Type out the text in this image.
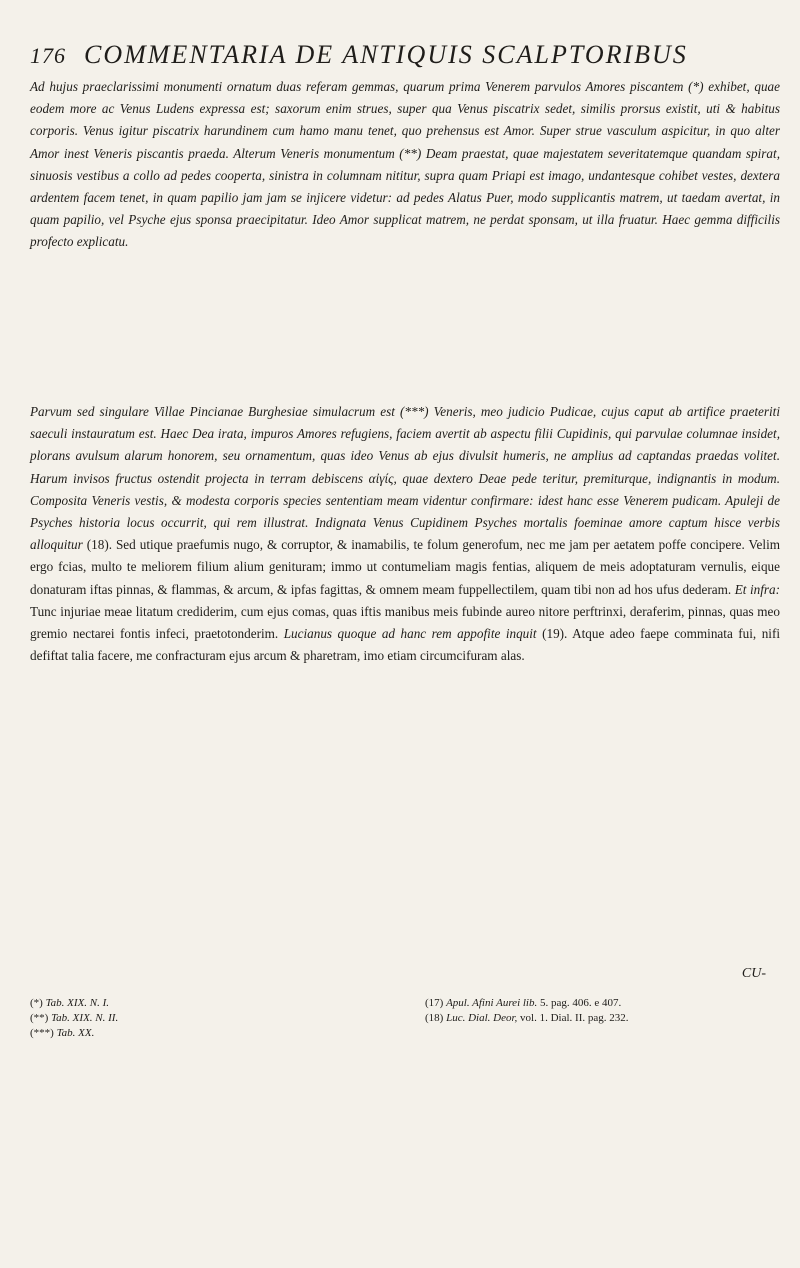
176 COMMENTARIA DE ANTIQUIS SCALPTORIBUS
Ad hujus praeclarissimi monumenti ornatum duas referam gemmas, quarum prima Venerem parvulos Amores piscantem (*) exhibet, quae eodem more ac Venus Ludens expressa est; saxorum enim strues, super qua Venus piscatrix sedet, similis prorsus existit, uti & habitus corporis. Venus igitur piscatrix harundinem cum hamo manu tenet, quo prehensus est Amor. Super strue vasculum aspicitur, in quo alter Amor inest Veneris piscantis praeda. Alterum Veneris monumentum (**) Deam praestat, quae majestatem severitatemque quandam spirat, sinuosis vestibus a collo ad pedes cooperta, sinistra in columnam nititur, supra quam Priapi est imago, undantesque cohibet vestes, dextera ardentem facem tenet, in quam papilio jam jam se injicere videtur: ad pedes Alatus Puer, modo supplicantis matrem, ut taedam avertat, in quam papilio, vel Psyche ejus sponsa praecipitatur. Ideo Amor supplicat matrem, ne perdat sponsam, ut illa fruatur. Haec gemma difficilis profecto explicatu.
Parvum sed singulare Villae Pincianae Burghesiae simulacrum est (***) Veneris, meo judicio Pudicae, cujus caput ab artifice praeteriti saeculi instauratum est. Haec Dea irata, impuros Amores refugiens, faciem avertit ab aspectu filii Cupidinis, qui parvulae columnae insidet, plorans avulsum alarum honorem, seu ornamentum, quas ideo Venus ab ejus divulsit humeris, ne amplius ad captandas praedas volitet. Harum invisos fructus ostendit projecta in terram debiscens αἰγίς, quae dextero Deae pede teritur, premiturque, indignantis in modum. Composita Veneris vestis, & modesta corporis species sententiam meam videntur confirmare: idest hanc esse Venerem pudicam. Apuleji de Psyches historia locus occurrit, qui rem illustrat. Indignata Venus Cupidinem Psyches mortalis foeminae amore captum hisce verbis alloquitur (18). Sed utique praefumis nugo, & corruptor, & inamabilis, te folum generofum, nec me jam per aetatem poffe concipere. Velim ergo fcias, multo te meliorem filium alium genituram; immo ut contumeliam magis fentias, aliquem de meis adoptaturam vernulis, eique donaturam iftas pinnas, & flammas, & arcum, & ipfas fagittas, & omnem meam fuppellectilem, quam tibi non ad hos ufus dederam. Et infra: Tunc injuriae meae litatum crediderim, cum ejus comas, quas iftis manibus meis fubinde aureo nitore perftrinxi, deraferim, pinnas, quas meo gremio nectarei fontis infeci, praetotonderim. Lucianus quoque ad hanc rem appofite inquit (19). Atque adeo faepe comminata fui, nifi defiftat talia facere, me confracturam ejus arcum & pharetram, imo etiam circumcifuram alas.
CU-
(*) Tab. XIX. N. I.
(**) Tab. XIX. N. II.
(***) Tab. XX.
(17) Apul. Afini Aurei lib. 5. pag. 406. e 407.
(18) Luc. Dial. Deor, vol. 1. Dial. II. pag. 232.
